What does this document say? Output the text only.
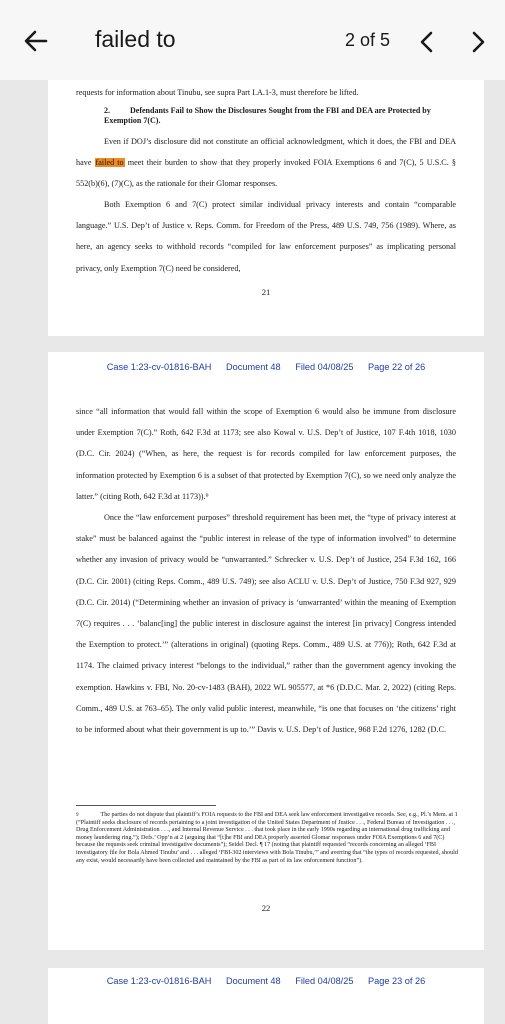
failed to	2 of 5
requests for information about Tinubu, see supra Part I.A.1-3, must therefore be lifted.
2.	Defendants Fail to Show the Disclosures Sought from the FBI and DEA are Protected by Exemption 7(C).

Even if DOJ’s disclosure did not constitute an official acknowledgment, which it does, the FBI and DEA have failed to meet their burden to show that they properly invoked FOIA Exemptions 6 and 7(C), 5 U.S.C. § 552(b)(6), (7)(C), as the rationale for their Glomar responses.

Both Exemption 6 and 7(C) protect similar individual privacy interests and contain “comparable language.” U.S. Dep’t of Justice v. Reps. Comm. for Freedom of the Press, 489 U.S. 749, 756 (1989). Where, as here, an agency seeks to withhold records “compiled for law enforcement purposes” as implicating personal privacy, only Exemption 7(C) need be considered,

21
Case 1:23-cv-01816-BAH Document 48 Filed 04/08/25 Page 22 of 26

since “all information that would fall within the scope of Exemption 6 would also be immune from disclosure under Exemption 7(C).” Roth, 642 F.3d at 1173; see also Kowal v. U.S. Dep’t of Justice, 107 F.4th 1018, 1030 (D.C. Cir. 2024) (“When, as here, the request is for records compiled for law enforcement purposes, the information protected by Exemption 6 is a subset of that protected by Exemption 7(C), so we need only analyze the latter.” (citing Roth, 642 F.3d at 1173)).⁹

Once the “law enforcement purposes” threshold requirement has been met, the “type of privacy interest at stake” must be balanced against the “public interest in release of the type of information involved” to determine whether any invasion of privacy would be “unwarranted.” Schrecker v. U.S. Dep’t of Justice, 254 F.3d 162, 166 (D.C. Cir. 2001) (citing Reps. Comm., 489 U.S. 749); see also ACLU v. U.S. Dep’t of Justice, 750 F.3d 927, 929 (D.C. Cir. 2014) (“Determining whether an invasion of privacy is ‘unwarranted’ within the meaning of Exemption 7(C) requires . . . ‘balanc[ing] the public interest in disclosure against the interest [in privacy] Congress intended the Exemption to protect.’” (alterations in original) (quoting Reps. Comm., 489 U.S. at 776)); Roth, 642 F.3d at 1174. The claimed privacy interest “belongs to the individual,” rather than the government agency invoking the exemption. Hawkins v. FBI, No. 20-cv-1483 (BAH), 2022 WL 905577, at *6 (D.D.C. Mar. 2, 2022) (citing Reps. Comm., 489 U.S. at 763–65). The only valid public interest, meanwhile, “is one that focuses on ‘the citizens’ right to be informed about what their government is up to.’” Davis v. U.S. Dep’t of Justice, 968 F.2d 1276, 1282 (D.C.

$^9$	The parties do not dispute that plaintiff’s FOIA requests to the FBI and DEA seek law enforcement investigative records. See, e.g., Pl.’s Mem. at 1 (“Plaintiff seeks disclosure of records pertaining to a joint investigation of the United States Department of Justice . . ., Federal Bureau of Investigation . . ., Drug Enforcement Administration . . ., and Internal Revenue Service . . . that took place in the early 1990s regarding an international drug trafficking and money laundering ring.”); Defs.’ Opp’n at 2 (arguing that “[t]he FBI and DEA properly asserted Glomar responses under FOIA Exemptions 6 and 7(C) because the requests seek criminal investigative documents”); Seidel Decl. ¶ 17 (noting that plaintiff requested “records concerning an alleged ‘FBI investigatory file for Bola Ahmed Tinubu’ and . . . alleged ‘FBI-302 interviews with Bola Tinubu,’” and averring that “the types of records requested, should any exist, would necessarily have been collected and maintained by the FBI as part of its law enforcement function”).
22
Case 1:23-cv-01816-BAH Document 48 Filed 04/08/25 Page 23 of 26
